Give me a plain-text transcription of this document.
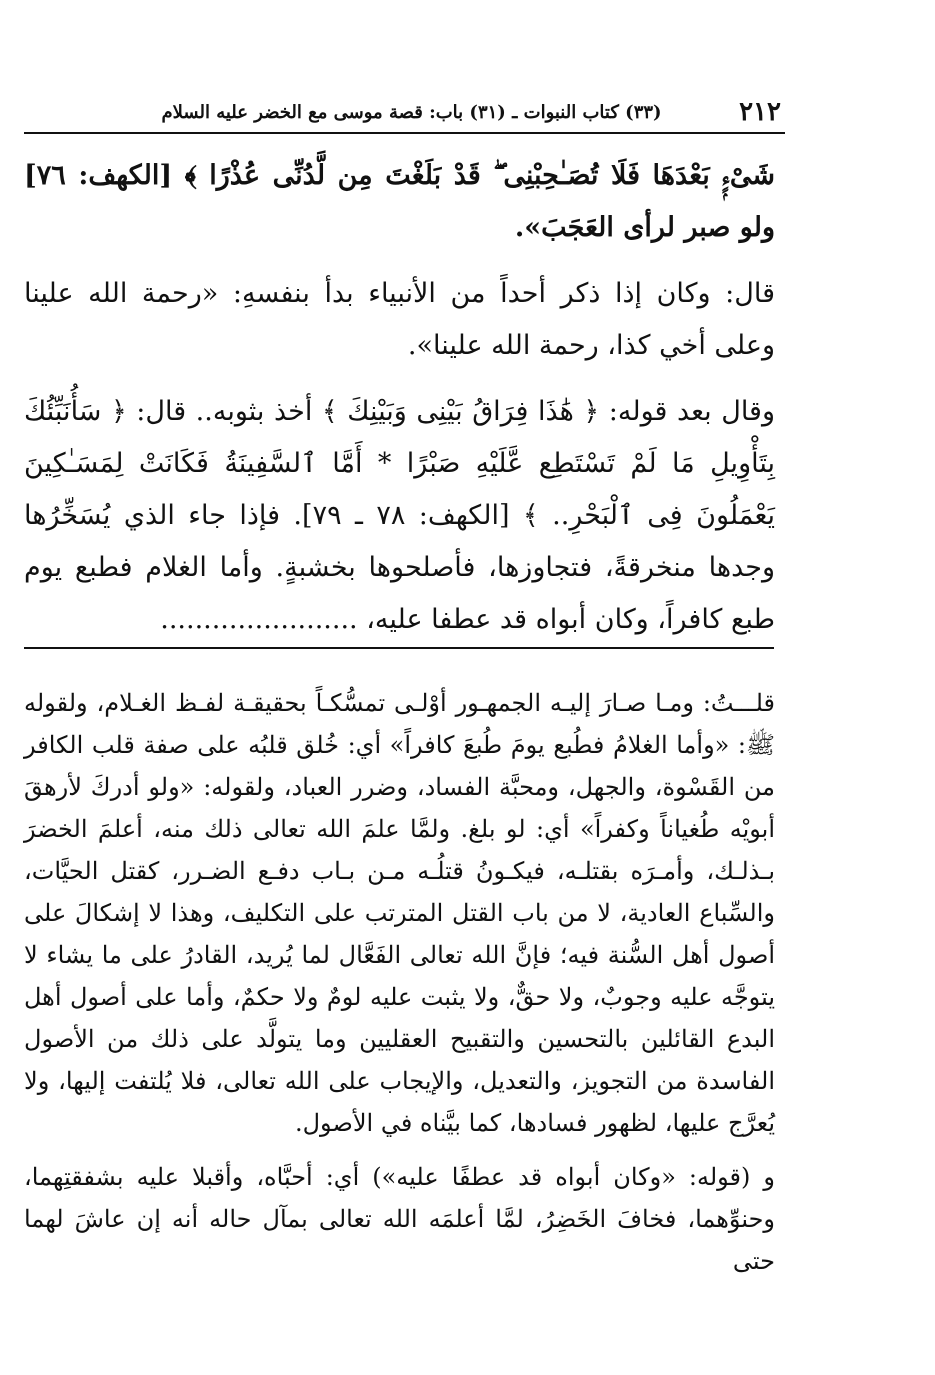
٢١٢
(٣٣) كتاب النبوات ـ (٣١) باب: قصة موسى مع الخضر عليه السلام

شَىْءٍۭ بَعْدَهَا فَلَا تُصَـٰحِبْنِى ۖ قَدْ بَلَغْتَ مِن لَّدُنِّى عُذْرًا ﴾ [الكهف: ٧٦] ولو صبر لرأى العَجَبَ».

قال: وكان إذا ذكر أحداً من الأنبياء بدأ بنفسهِ: «رحمة الله علينا وعلى أخي كذا، رحمة الله علينا».

وقال بعد قوله: ﴿ هَٰذَا فِرَاقُ بَيْنِى وَبَيْنِكَ ﴾ أخذ بثوبه.. قال: ﴿ سَأُنَبِّئُكَ بِتَأْوِيلِ مَا لَمْ تَسْتَطِع عَّلَيْهِ صَبْرًا * أَمَّا ٱلسَّفِينَةُ فَكَانَتْ لِمَسَـٰكِينَ يَعْمَلُونَ فِى ٱلْبَحْرِ.. ﴾ [الكهف: ٧٨ ـ ٧٩]. فإذا جاء الذي يُسَخِّرُها وجدها منخرقةً، فتجاوزها، فأصلحوها بخشبةٍ. وأما الغلام فطبع يوم طبع كافراً، وكان أبواه قد عطفا عليه، .......................

قلـــتُ: ومـا صـارَ إليـه الجمهـور أوْلـى تمسُّكـاً بحقيقـة لفـظ الغـلام، ولقوله ﷺ: «وأما الغلامُ فطُبع يومَ طُبعَ كافراً» أي: خُلق قلبُه على صفة قلب الكافر من القَسْوة، والجهل، ومحبَّة الفساد، وضرر العباد، ولقوله: «ولو أدركَ لأرهقَ أبويْه طُغياناً وكفراً» أي: لو بلغ. ولمَّا علمَ الله تعالى ذلك منه، أعلمَ الخضرَ بـذلـك، وأمـرَه بقتلـه، فيكـونُ قتلُـه مـن بـاب دفـع الضـرر، كقتل الحيَّات، والسِّباع العادية، لا من باب القتل المترتب على التكليف، وهذا لا إشكالَ على أصول أهل السُّنة فيه؛ فإنَّ الله تعالى الفَعَّال لما يُريد، القادرُ على ما يشاء لا يتوجَّه عليه وجوبٌ، ولا حقٌّ، ولا يثبت عليه لومٌ ولا حكمٌ، وأما على أصول أهل البدع القائلين بالتحسين والتقبيح العقليين وما يتولَّد على ذلك من الأصول الفاسدة من التجويز، والتعديل، والإيجاب على الله تعالى، فلا يُلتفت إليها، ولا يُعرَّج عليها، لظهور فسادها، كما بيَّناه في الأصول.

و (قوله: «وكان أبواه قد عطفًا عليه») أي: أحبَّاه، وأقبلا عليه بشفقتِهما، وحنوِّهما، فخافَ الخَضِرُ، لمَّا أعلمَه الله تعالى بمآل حاله أنه إن عاشَ لهما حتى
